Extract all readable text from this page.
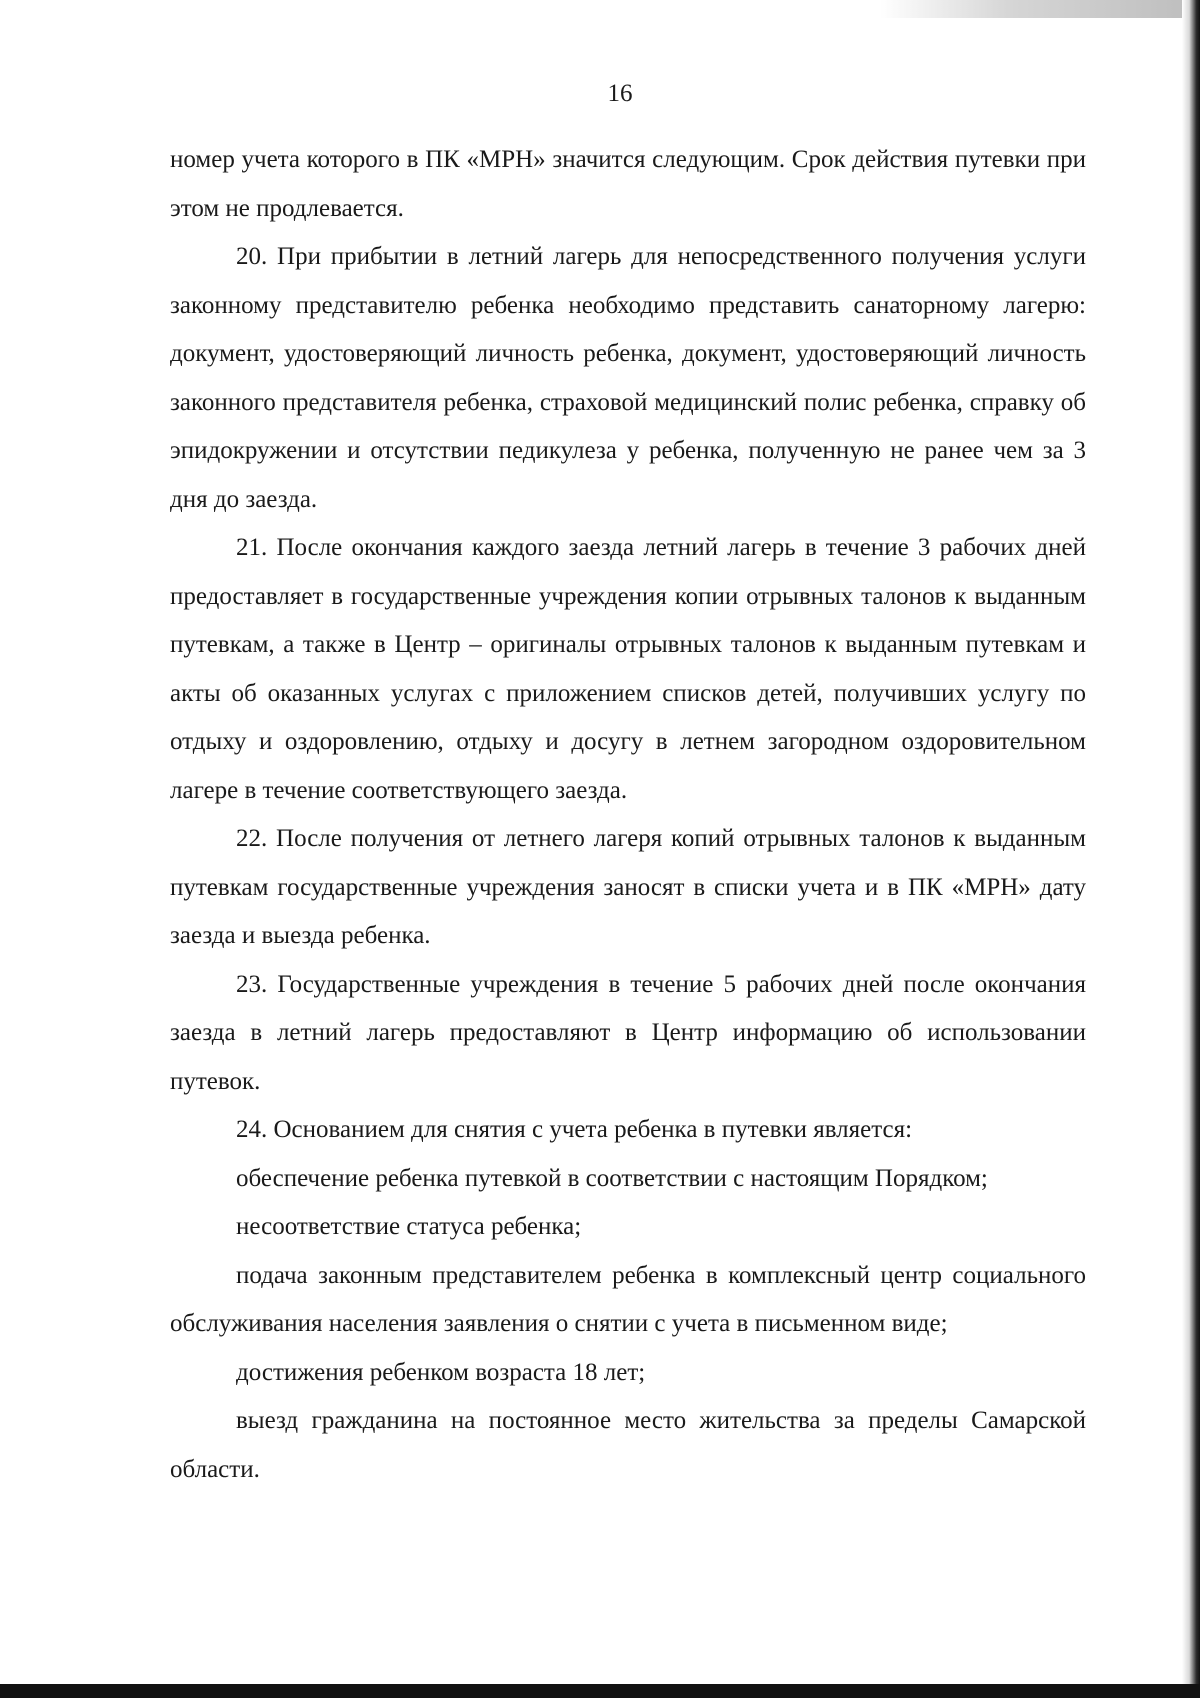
16

номер учета которого в ПК «МРН» значится следующим. Срок действия путевки при этом не продлевается.

20. При прибытии в летний лагерь для непосредственного получения услуги законному представителю ребенка необходимо представить санаторному лагерю: документ, удостоверяющий личность ребенка, документ, удостоверяющий личность законного представителя ребенка, страховой медицинский полис ребенка, справку об эпидокружении и отсутствии педикулеза у ребенка, полученную не ранее чем за 3 дня до заезда.

21. После окончания каждого заезда летний лагерь в течение 3 рабочих дней предоставляет в государственные учреждения копии отрывных талонов к выданным путевкам, а также в Центр – оригиналы отрывных талонов к выданным путевкам и акты об оказанных услугах с приложением списков детей, получивших услугу по отдыху и оздоровлению, отдыху и досугу в летнем загородном оздоровительном лагере в течение соответствующего заезда.

22. После получения от летнего лагеря копий отрывных талонов к выданным путевкам государственные учреждения заносят в списки учета и в ПК «МРН» дату заезда и выезда ребенка.

23. Государственные учреждения в течение 5 рабочих дней после окончания заезда в летний лагерь предоставляют в Центр информацию об использовании путевок.

24. Основанием для снятия с учета ребенка в путевки является:

обеспечение ребенка путевкой в соответствии с настоящим Порядком;

несоответствие статуса ребенка;

подача законным представителем ребенка в комплексный центр социального обслуживания населения заявления о снятии с учета в письменном виде;

достижения ребенком возраста 18 лет;

выезд гражданина на постоянное место жительства за пределы Самарской области.
